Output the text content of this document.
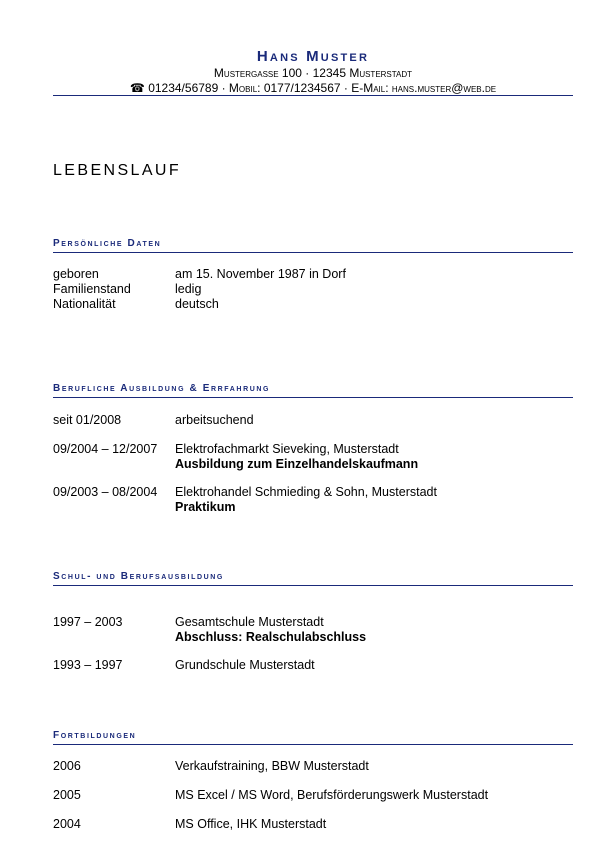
Hans Muster
Mustergasse 100 · 12345 Musterstadt
☎ 01234/56789 · Mobil: 0177/1234567 · E-Mail: hans.muster@web.de
LEBENSLAUF
Persönliche Daten
geboren	am 15. November 1987 in Dorf
Familienstand	ledig
Nationalität	deutsch
Berufliche Ausbildung & Errfahrung
seit 01/2008	arbeitsuchend
09/2004 – 12/2007 Elektrofachmarkt Sieveking, Musterstadt
Ausbildung zum Einzelhandelskaufmann
09/2003 – 08/2004 Elektrohandel Schmieding & Sohn, Musterstadt
Praktikum
Schul- und Berufsausbildung
1997 – 2003	Gesamtschule Musterstadt
Abschluss: Realschulabschluss
1993 – 1997	Grundschule Musterstadt
Fortbildungen
2006	Verkaufstraining, BBW Musterstadt
2005	MS Excel / MS Word, Berufsförderungswerk Musterstadt
2004	MS Office, IHK Musterstadt
